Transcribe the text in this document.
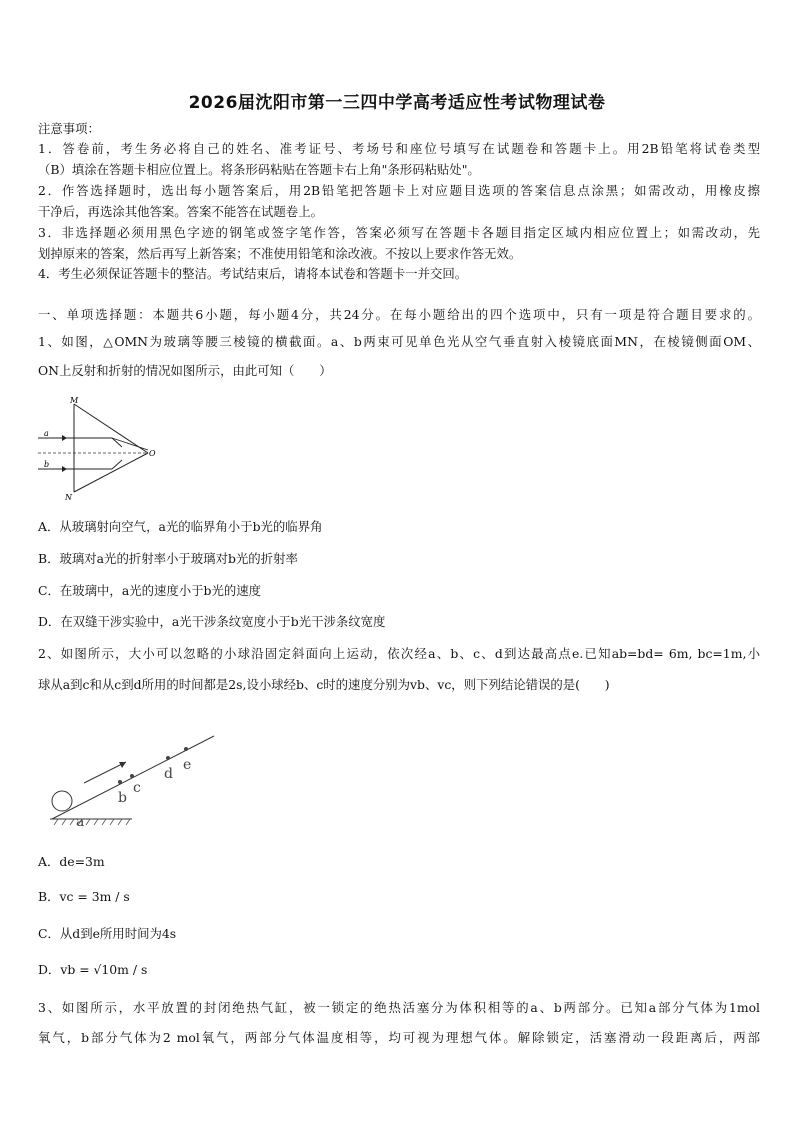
2026届沈阳市第一三四中学高考适应性考试物理试卷
注意事项：
1．答卷前，考生务必将自己的姓名、准考证号、考场号和座位号填写在试题卷和答题卡上。用2B铅笔将试卷类型
（B）填涂在答题卡相应位置上。将条形码粘贴在答题卡右上角"条形码粘贴处"。
2．作答选择题时，选出每小题答案后，用2B铅笔把答题卡上对应题目选项的答案信息点涂黑；如需改动，用橡皮擦
干净后，再选涂其他答案。答案不能答在试题卷上。
3．非选择题必须用黑色字迹的钢笔或签字笔作答，答案必须写在答题卡各题目指定区域内相应位置上；如需改动，先
划掉原来的答案，然后再写上新答案；不准使用铅笔和涂改液。不按以上要求作答无效。
4．考生必须保证答题卡的整洁。考试结束后，请将本试卷和答题卡一并交回。
一、单项选择题：本题共6小题，每小题4分，共24分。在每小题给出的四个选项中，只有一项是符合题目要求的。
1、如图，△OMN为玻璃等腰三棱镜的横截面。a、b两束可见单色光从空气垂直射入棱镜底面MN，在棱镜侧面OM、
ON上反射和折射的情况如图所示，由此可知（　　）
M
N
O
a
b
A．从玻璃射向空气，a光的临界角小于b光的临界角
B．玻璃对a光的折射率小于玻璃对b光的折射率
C．在玻璃中，a光的速度小于b光的速度
D．在双缝干涉实验中，a光干涉条纹宽度小于b光干涉条纹宽度
2、如图所示，大小可以忽略的小球沿固定斜面向上运动，依次经a、b、c、d到达最高点e.已知ab=bd= 6m, bc=1m,小
球从a到c和从c到d所用的时间都是2s,设小球经b、c时的速度分别为vb、vc，则下列结论错误的是(　　)
a
b
c
d
e
A．de=3m
B．vc = 3m / s
C．从d到e所用时间为4s
D．vb = √10m / s
3、如图所示，水平放置的封闭绝热气缸，被一锁定的绝热活塞分为体积相等的a、b两部分。已知a部分气体为1mol
氧气，b部分气体为2 mol氧气，两部分气体温度相等，均可视为理想气体。解除锁定，活塞滑动一段距离后，两部
